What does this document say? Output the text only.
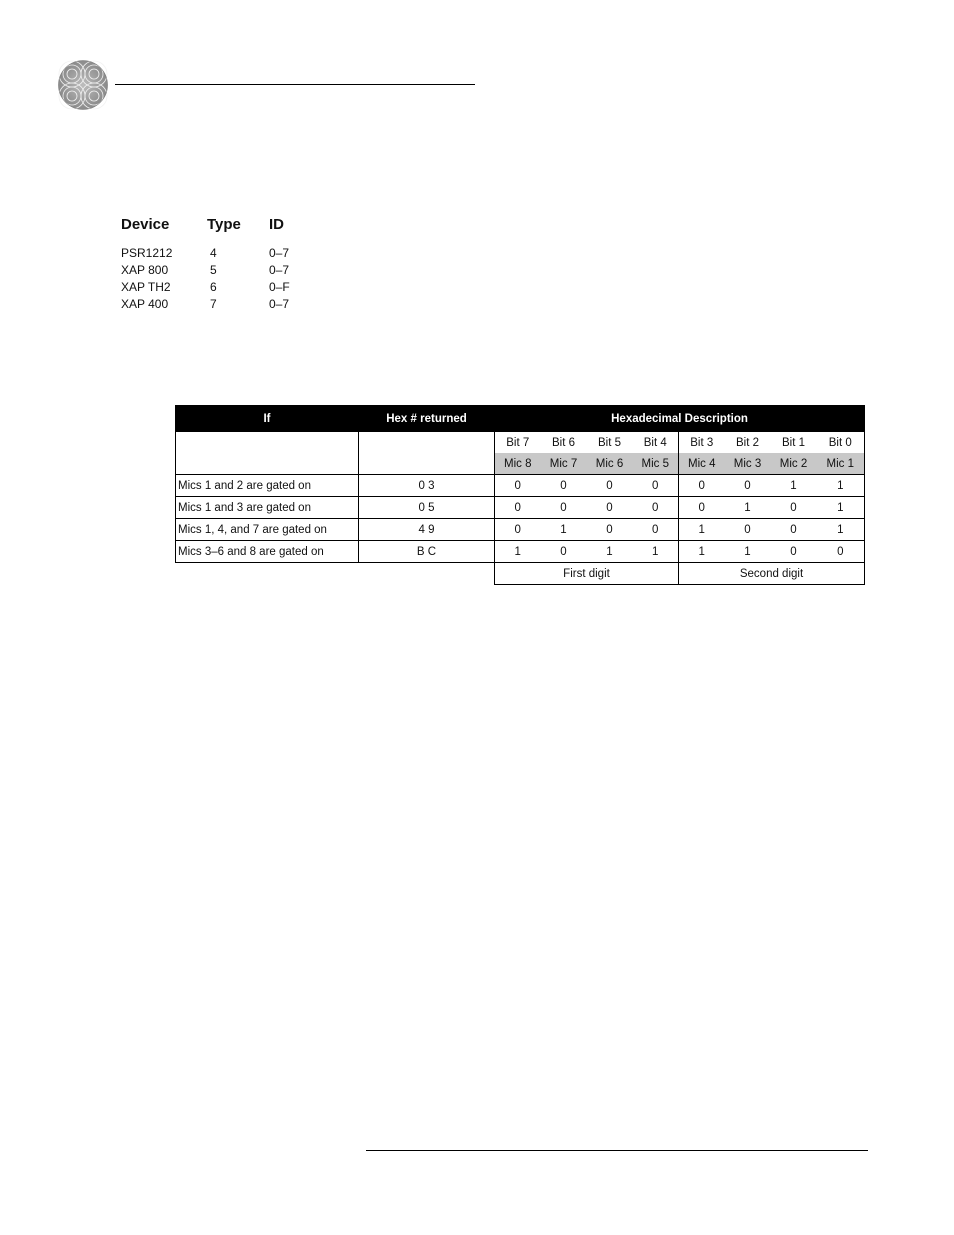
Device	Type	ID
PSR1212	4	0–7
XAP 800	5	0–7
XAP TH2	6	0–F
XAP 400	7	0–7
If	Hex # returned	Hexadecimal Description							
		Bit 7	Bit 6	Bit 5	Bit 4	Bit 3	Bit 2	Bit 1	Bit 0
		Mic 8	Mic 7	Mic 6	Mic 5	Mic 4	Mic 3	Mic 2	Mic 1
Mics 1 and 2 are gated on	0 3	0	0	0	0	0	0	1	1
Mics 1 and 3 are gated on	0 5	0	0	0	0	0	1	0	1
Mics 1, 4, and 7 are gated on	4 9	0	1	0	0	1	0	0	1
Mics 3–6 and 8 are gated on	B C	1	0	1	1	1	1	0	0
		First digit				Second digit			
